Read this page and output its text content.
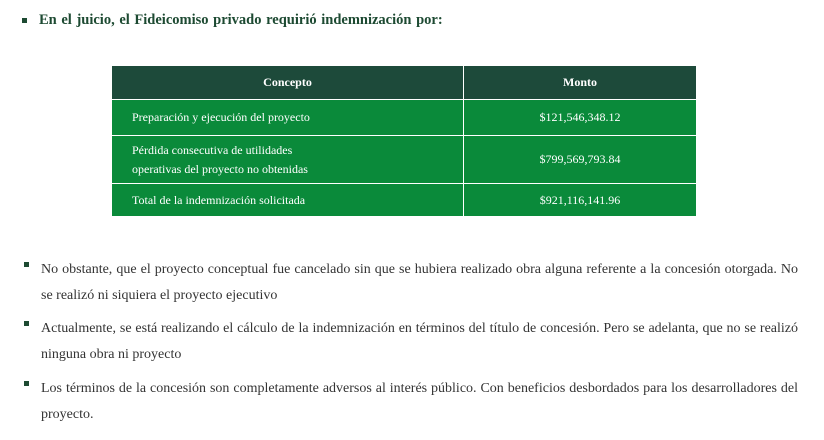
En el juicio, el Fideicomiso privado requirió indemnización por:
Concepto	Monto
Preparación y ejecución del proyecto	$121,546,348.12

Pérdida consecutiva de utilidades operativas del proyecto no obtenidas	$799,569,793.84
Total de la indemnización solicitada	$921,116,141.96
No obstante, que el proyecto conceptual fue cancelado sin que se hubiera realizado obra alguna referente a la concesión otorgada. No se realizó ni siquiera el proyecto ejecutivo
Actualmente, se está realizando el cálculo de la indemnización en términos del título de concesión. Pero se adelanta, que no se realizó ninguna obra ni proyecto
Los términos de la concesión son completamente adversos al interés público. Con beneficios desbordados para los desarrolladores del proyecto.
